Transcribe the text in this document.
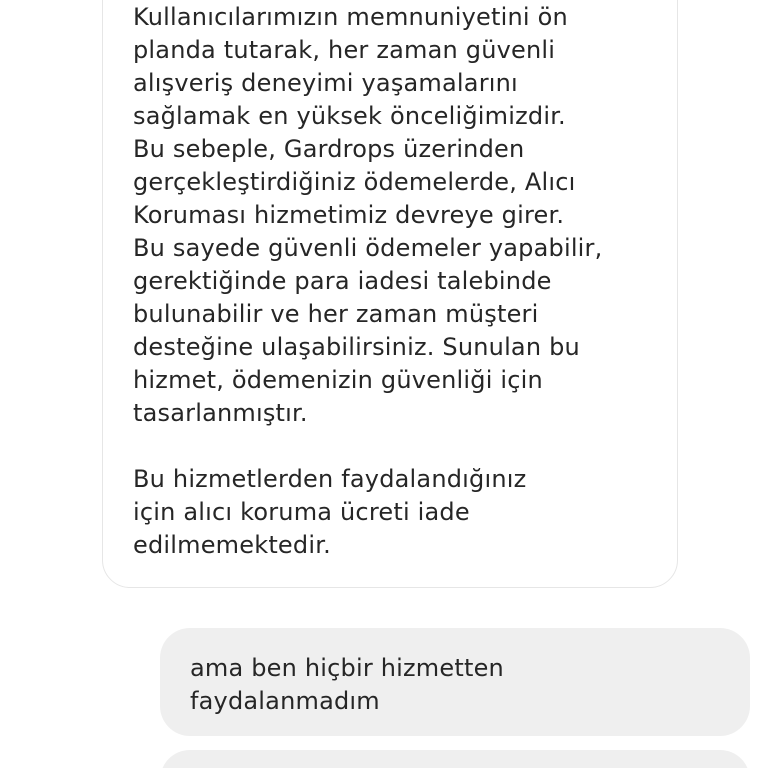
Kullanıcılarımızın memnuniyetini ön
planda tutarak, her zaman güvenli
alışveriş deneyimi yaşamalarını
sağlamak en yüksek önceliğimizdir.
Bu sebeple, Gardrops üzerinden
gerçekleştirdiğiniz ödemelerde, Alıcı
Koruması hizmetimiz devreye girer.
Bu sayede güvenli ödemeler yapabilir,
gerektiğinde para iadesi talebinde
bulunabilir ve her zaman müşteri
desteğine ulaşabilirsiniz. Sunulan bu
hizmet, ödemenizin güvenliği için
tasarlanmıştır.

Bu hizmetlerden faydalandığınız
için alıcı koruma ücreti iade
edilmemektedir.

ama ben hiçbir hizmetten
faydalanmadım
